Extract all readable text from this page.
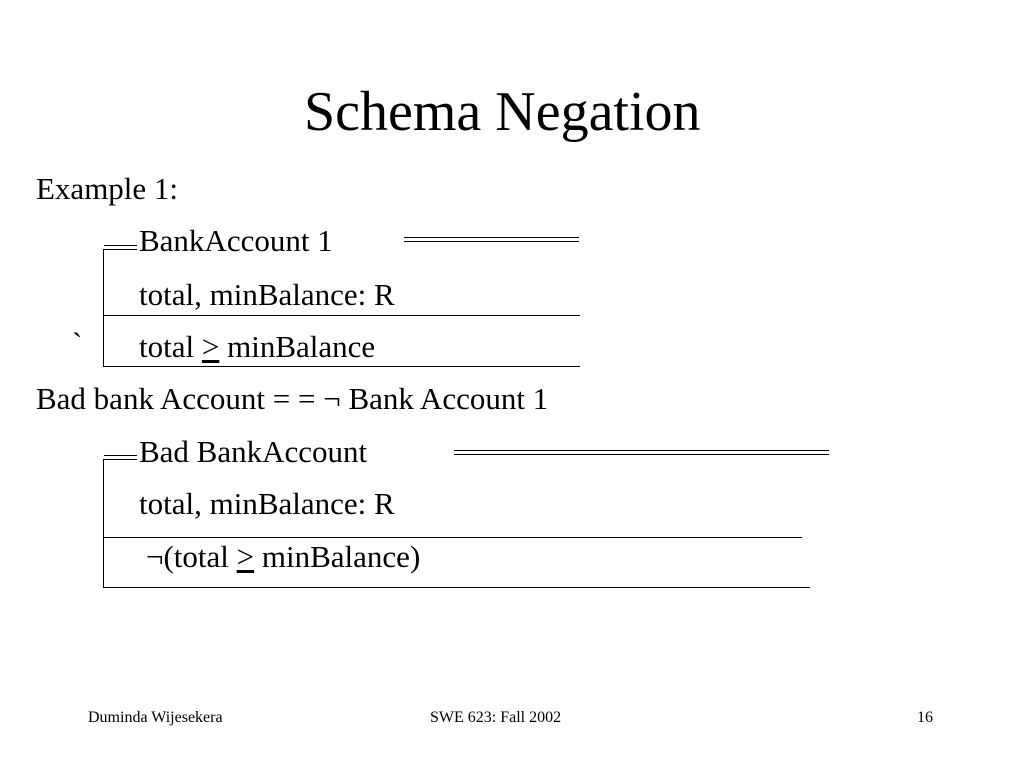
Schema Negation
Example 1:
BankAccount 1
total, minBalance: R
` total > minBalance
Bad bank Account = = ¬ Bank Account 1
Bad BankAccount
total, minBalance: R
¬(total > minBalance)
Duminda Wijesekera	SWE 623: Fall 2002	16
